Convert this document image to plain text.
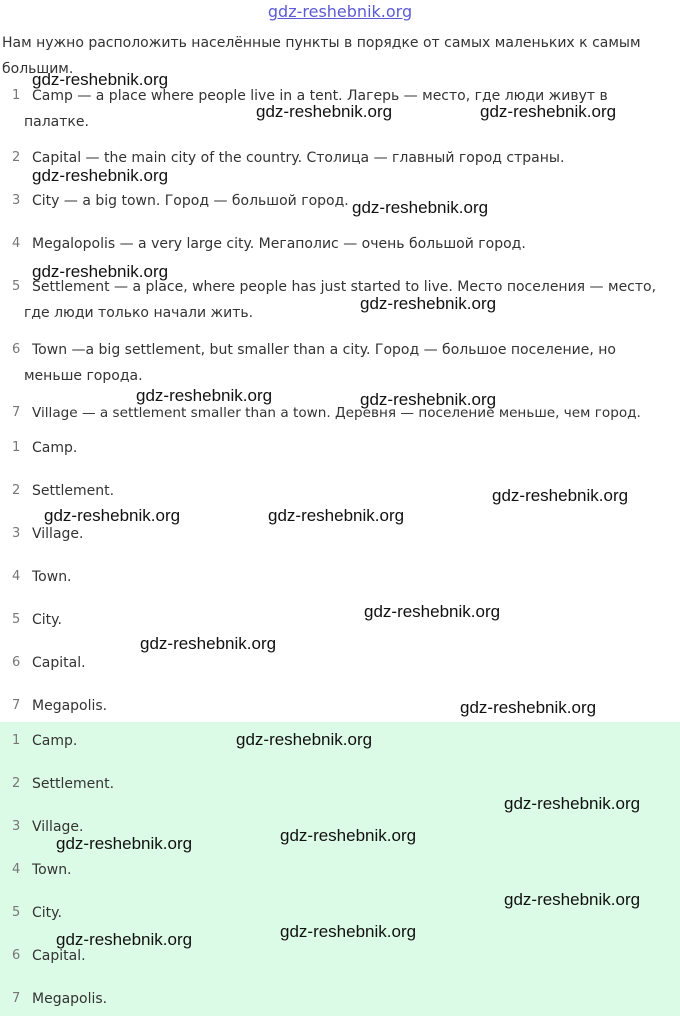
gdz-reshebnik.org
Нам нужно расположить населённые пункты в порядке от самых маленьких к самым большим.
1 Camp — a place where people live in a tent. Лагерь — место, где люди живут в
палатке.
2 Capital — the main city of the country. Столица — главный город страны.
3 City — a big town. Город — большой город.
4 Megalopolis — a very large city. Мегаполис — очень большой город.
5 Settlement — a place, where people has just started to live. Место поселения — место,
где люди только начали жить.
6 Town —a big settlement, but smaller than a city. Город — большое поселение, но
меньше города.
7 Village — a settlement smaller than a town. Деревня — поселение меньше, чем город.
1 Camp.
2 Settlement.
3 Village.
4 Town.
5 City.
6 Capital.
7 Megapolis.
1 Camp.
2 Settlement.
3 Village.
4 Town.
5 City.
6 Capital.
7 Megapolis.
gdz-reshebnik.org
gdz-reshebnik.org	gdz-reshebnik.org
gdz-reshebnik.org
gdz-reshebnik.org
gdz-reshebnik.org
gdz-reshebnik.org
gdz-reshebnik.org	gdz-reshebnik.org
gdz-reshebnik.org
gdz-reshebnik.org	gdz-reshebnik.org
gdz-reshebnik.org
gdz-reshebnik.org
gdz-reshebnik.org
gdz-reshebnik.org
gdz-reshebnik.org
gdz-reshebnik.org
gdz-reshebnik.org
gdz-reshebnik.org
gdz-reshebnik.org
gdz-reshebnik.org
